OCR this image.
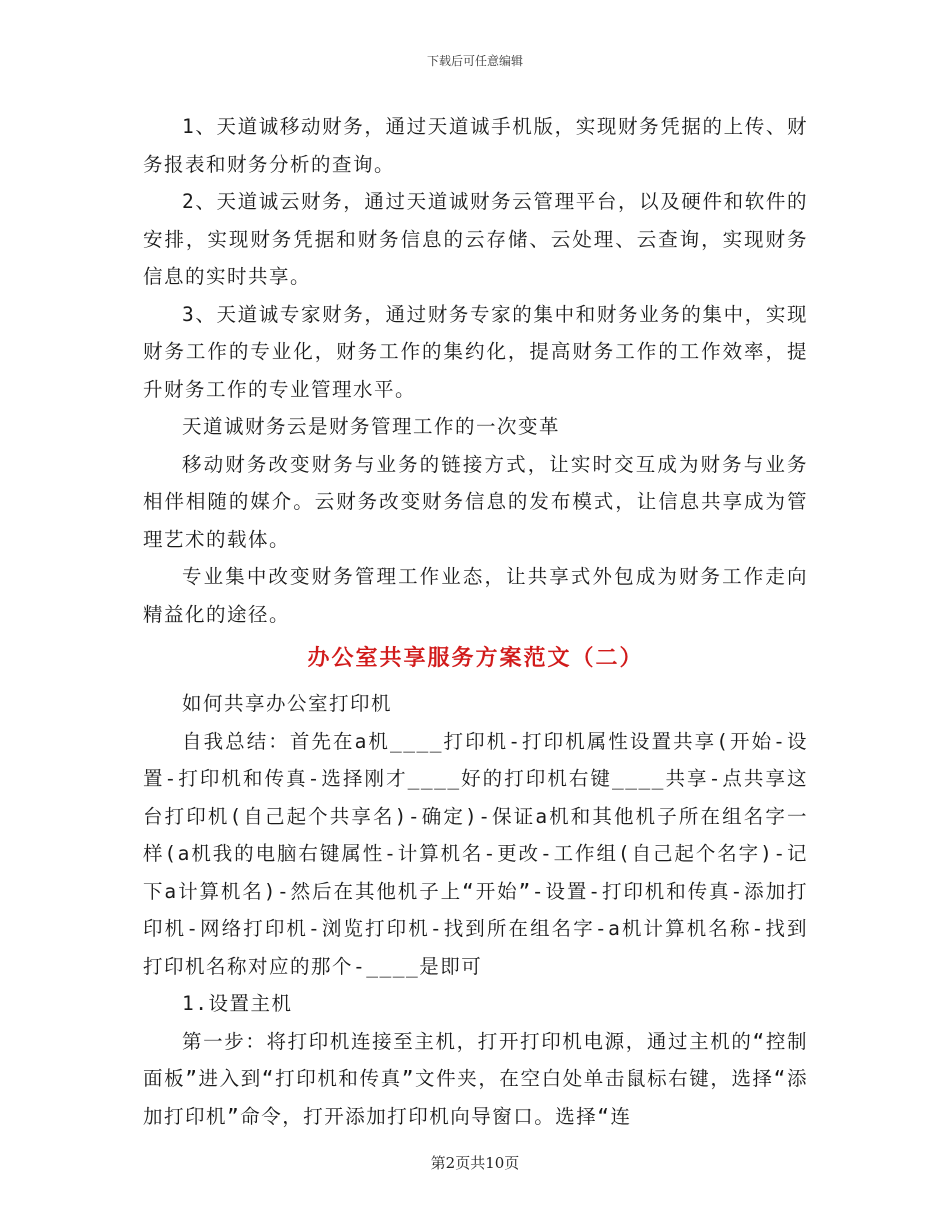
下载后可任意编辑

1、天道诚移动财务，通过天道诚手机版，实现财务凭据的上传、财务报表和财务分析的查询。

2、天道诚云财务，通过天道诚财务云管理平台，以及硬件和软件的安排，实现财务凭据和财务信息的云存储、云处理、云查询，实现财务信息的实时共享。

3、天道诚专家财务，通过财务专家的集中和财务业务的集中，实现财务工作的专业化，财务工作的集约化，提高财务工作的工作效率，提升财务工作的专业管理水平。

天道诚财务云是财务管理工作的一次变革

移动财务改变财务与业务的链接方式，让实时交互成为财务与业务相伴相随的媒介。云财务改变财务信息的发布模式，让信息共享成为管理艺术的载体。

专业集中改变财务管理工作业态，让共享式外包成为财务工作走向精益化的途径。

办公室共享服务方案范文（二）

如何共享办公室打印机

自我总结：首先在a机____打印机-打印机属性设置共享(开始-设置-打印机和传真-选择刚才____好的打印机右键____共享-点共享这台打印机(自己起个共享名)-确定)-保证a机和其他机子所在组名字一样(a机我的电脑右键属性-计算机名-更改-工作组(自己起个名字)-记下a计算机名)-然后在其他机子上“开始”-设置-打印机和传真-添加打印机-网络打印机-浏览打印机-找到所在组名字-a机计算机名称-找到打印机名称对应的那个-____是即可

1.设置主机

第一步：将打印机连接至主机，打开打印机电源，通过主机的“控制面板”进入到“打印机和传真”文件夹，在空白处单击鼠标右键，选择“添加打印机”命令，打开添加打印机向导窗口。选择“连

第2页共10页
